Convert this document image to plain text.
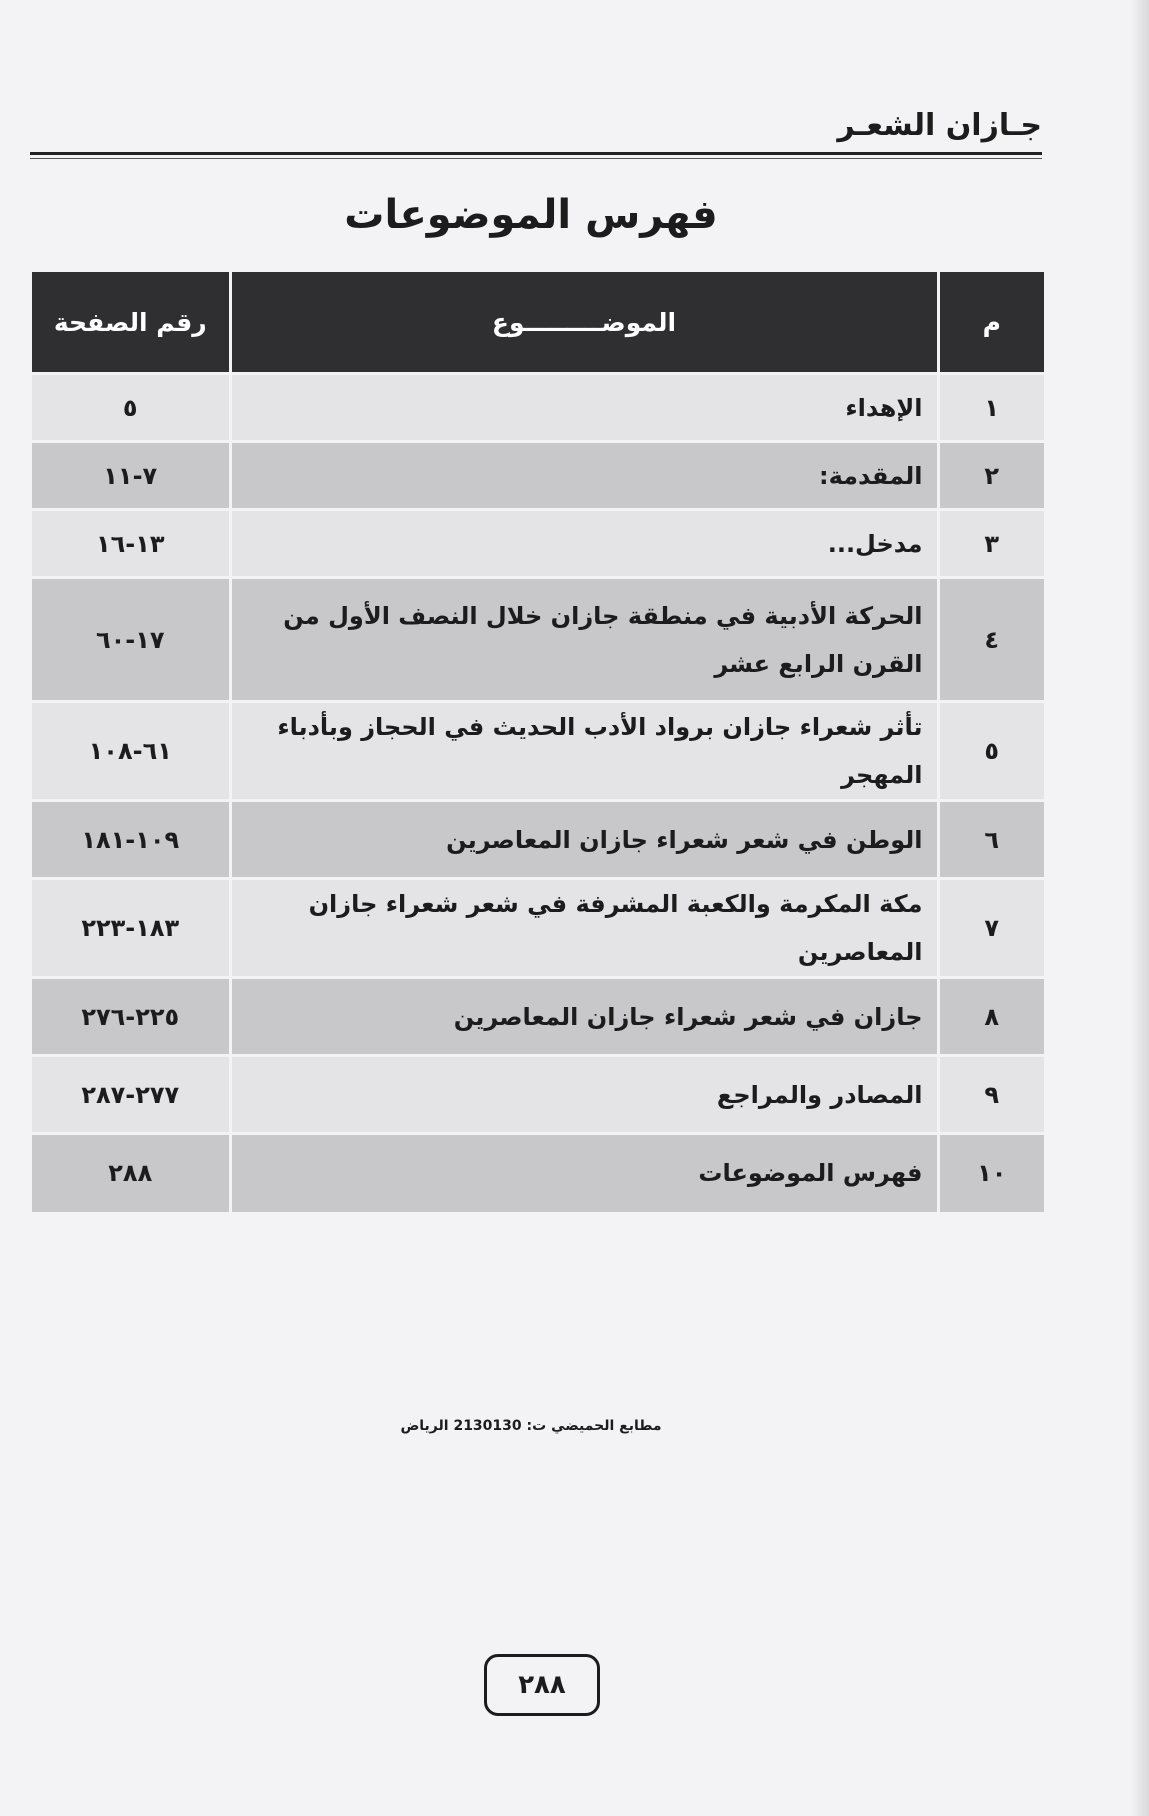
جـازان الشعـر
فهرس الموضوعات
م	الموضـــــــــوع	رقم الصفحة
١	الإهداء	٥
٢	المقدمة:	٧-١١
٣	مدخل...	١٣-١٦
٤	الحركة الأدبية في منطقة جازان خلال النصف الأول من القرن الرابع عشر	١٧-٦٠
٥	تأثر شعراء جازان برواد الأدب الحديث في الحجاز وبأدباء المهجر	٦١-١٠٨
٦	الوطن في شعر شعراء جازان المعاصرين	١٠٩-١٨١
٧	مكة المكرمة والكعبة المشرفة في شعر شعراء جازان المعاصرين	١٨٣-٢٢٣
٨	جازان في شعر شعراء جازان المعاصرين	٢٢٥-٢٧٦
٩	المصادر والمراجع	٢٧٧-٢٨٧
١٠	فهرس الموضوعات	٢٨٨
مطابع الحميضي ت: 2130130 الرياض
٢٨٨
